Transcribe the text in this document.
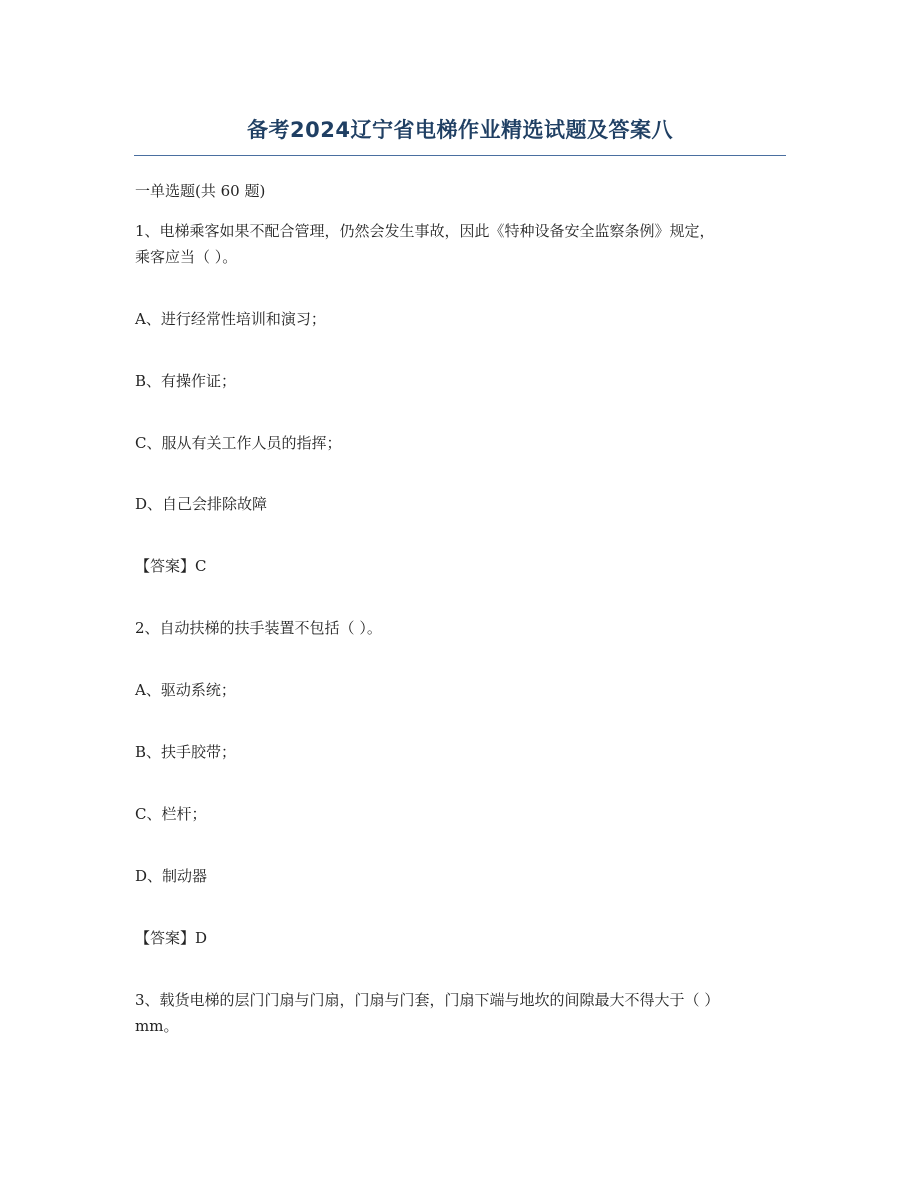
备考2024辽宁省电梯作业精选试题及答案八
一单选题(共 60 题)
1、电梯乘客如果不配合管理，仍然会发生事故，因此《特种设备安全监察条例》规定，
乘客应当（ ）。
A、进行经常性培训和演习；
B、有操作证；
C、服从有关工作人员的指挥；
D、自己会排除故障
【答案】C
2、自动扶梯的扶手装置不包括（ ）。
A、驱动系统；
B、扶手胶带；
C、栏杆；
D、制动器
【答案】D
3、载货电梯的层门门扇与门扇，门扇与门套，门扇下端与地坎的间隙最大不得大于（ ）
mm。
